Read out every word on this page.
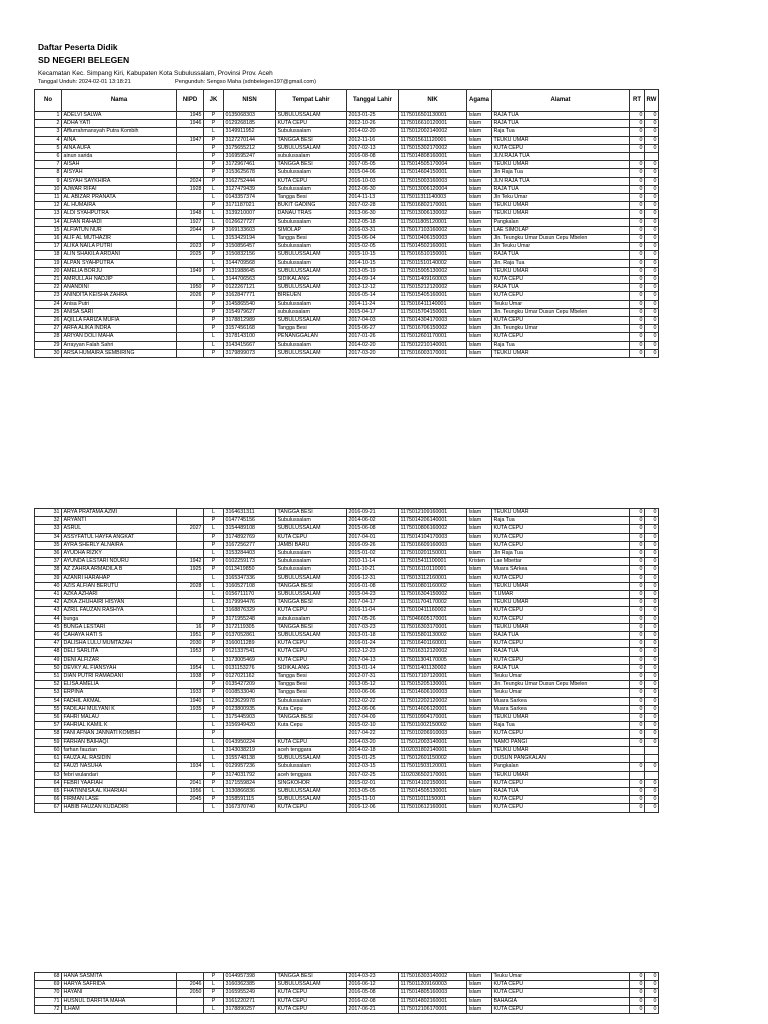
Daftar Peserta Didik
SD NEGERI BELEGEN
Kecamatan Kec. Simpang Kiri, Kabupaten Kota Subulussalam, Provinsi Prov. Aceh
Tanggal Unduh: 2024-02-01 13:18:21	Pengunduh: Sengso Maha (sdnbelegen197@gmail.com)
No	Nama	NIPD	JK	NISN	Tempat Lahir	Tanggal Lahir	NIK	Agama	Alamat	RT	RW
1	ADELVI SALWA	1945	P	0135068303	SUBULUSSALAM	2013-01-25	1175016501130001	Islam	RAJA TUA	0	0
2	ADHA YATI	1946	P	0129268185	KUTA CEPU	2012-10-26	1175016610120001	Islam	RAJA TUA	0	0
3	Affiurrahmansyah Putra Kombih		L	3149911952	Subulussalam	2014-02-20	1175012002140002	Islam	Raja Tua	0	0
4	AINA	1947	P	3127270144	TANGGA BESI	2012-11-16	1175015611120001	Islam	TEUKU UMAR	0	0
5	AINA AUFA		P	3175655212	SUBULUSSALAM	2017-02-13	1175015302170002	Islam	KUTA CEPU	0	0
6	ainun sarida		P	3169595247	subulussalam	2016-08-08	1175014808160001	Islam	JLN.RAJA TUA		
7	AISAH		P	3172967461	TANGGA BESI	2017-05-05	1175014505170004	Islam	TEUKU UMAR	0	0
8	AISYAH		P	3153625678	Subulussalam	2015-04-06	1175014604150001	Islam	Jln Raja Tua	0	0
9	AISYAH SAYKHIRA	2024	P	3162752444	KUTA CEPU	2016-10-03	1175015003160003	Islam	JLN RAJA TUA	0	0
10	AJWAR RIFAI	1928	L	3127479439	Subulussalam	2012-06-30	1175013006120004	Islam	RAJA TUA	0	0
11	AL ABIZAR PRANATA		L	0143357374	Tangga Besi	2014-11-13	1175011311140003	Islam	Jln Teku Umar	0	0
12	AL HUMAIRA		P	3171187021	BUKIT GADING	2017-02-28	1175016802170001	Islam	TEUKU UMAR	0	0
13	ALDI SYAHPUTRA	1948	L	3139210007	DANAU TRAS	2013-06-30	1175013006130002	Islam	TEUKU UMAR	0	0
14	ALFAN RAHADI	1927	L	0126627727	Subulussalam	2012-05-18	1175011805120001	Islam	Pangkalan	0	0
15	ALFIATUN NUR	2044	P	3169133603	SIMOLAP	2016-03-31	1175017103160002	Islam	LAE SIMOLAP	0	0
16	ALIF AL MUTHAZIR		L	3153429194	Tangga Besi	2015-06-04	1175010406150003	Islam	Jln. Teungku Umar Dusun Cepu Mbelen	0	0
17	ALIKA NAILA PUTRI	2023	P	3150856457	Subulussalam	2015-02-05	1175014502160001	Islam	Jln Teuku Umar	0	0
18	ALIN SHAKILA ARDANI	2025	P	3150832156	SUBULUSSALAM	2015-10-15	1175016510150001	Islam	RAJA TUA	0	0
19	ALPAN SYAHPUTRA		L	3144709568	Subulussalam	2014-10-15	1175011510140002	Islam	Jln. Raja Tua	0	0
20	AMELIA BORJU	1949	P	3131988645	SUBULUSSALAM	2013-05-19	1175015905130002	Islam	TEUKU UMAR	0	0
21	AMRULLAH NADJIP		L	3144706563	SIDIKALANG	2014-09-14	1175011409160003	Islam	KUTA CEPU	0	0
22	ANANDINI	1950	P	0122267121	SUBULUSSALAM	2012-12-12	1175015212120002	Islam	RAJA TUA	0	0
23	ANINDITA KEISHA ZAHRA	2026	P	3162847771	BIREUEN	2016-05-14	1175015405160001	Islam	KUTA CEPU	0	0
24	Anisa Putri		P	3145865540	Subulussalam	2014-11-24	1175016411140001	Islam	Teuku Umar	0	0
25	ANISA SARI		P	3154979627	subulussalam	2015-04-17	1175015704150001	Islam	Jln. Teungku Umar Dusun Cepu Mbelen	0	0
26	AQILLA FARIZA MUFIA		P	3178812989	SUBULUSSALAM	2017-04-03	1175014304170003	Islam	KUTA CEPU	0	0
27	ARFA ALIKA INDRA		P	3157456168	Tangga Besi	2015-06-27	1175016706150002	Islam	Jln. Teungku Umar	0	0
28	ARIYAN DOLI MAHA		L	3178143100	PENANGGALAN	2017-01-26	1175012601170001	Islam	KUTA CEPU	0	0
29	Arrayyan Falah Sahri		L	3143415667	Subulussalam	2014-02-20	1175012210140001	Islam	Raja Tua	0	0
30	ARSA HUMAIRA SEMBIRING		P	3179899073	SUBULUSSALAM	2017-03-20	1175016003170001	Islam	TEUKU UMAR	0	0
31	ARYA PRATAMA AZMI		L	3164631311	TANGGA BESI	2016-09-21	1175012109160001	Islam	TEUKU UMAR	0	0
32	ARYANTI		P	0147745156	Subulussalam	2014-06-02	1175014206140001	Islam	Raja Tua	0	0
33	ASRUL	2027	L	3154489108	SUBULUSSALAM	2015-06-08	1175010806160002	Islam	KUTA CEPU	0	0
34	ASSYFATUL HAYFA ANGKAT		P	3174892769	KUTA CEPU	2017-04-01	1175014104170003	Islam	KUTA CEPU	0	0
35	AYRA SHERLY ALNAIRA		P	3167256277	JAMBI BARU	2016-09-26	1175016609160003	Islam	KUTA CEPU	0	0
36	AYUDHA RIZKY		L	3153284403	Subulussalam	2015-01-02	1175010201150001	Islam	Jln Raja Tua	0	0
37	AYUNDA LESTARI NDURU	1942	P	0102259173	Subulussalam	2010-11-14	1175015411100001	Kristen	Lae Mbettar	0	0
38	AZ ZAHRA ARMADILA B	1925	P	0113419850	Subulussalam	2011-10-21	1175016110110001	Islam	Muara SArkea	0	0
39	AZANRI HARAHAP		L	3165347336	SUBULUSSALAM	2016-12-31	1175013112160001	Islam	KUTA CEPU	0	0
40	AZIS ALFIAN BERUTU	2028	L	3160527108	TANGGA BESI	2016-01-08	1175010801160002	Islam	TEUKU UMAR	0	0
41	AZKA AZHARI		L	0156711170	SUBULUSSALAM	2015-04-23	1175016304150002	Islam	T.UMAR	0	0
42	AZKA ZHUHAIRI HISYAN		L	3179994476	TANGGA BESI	2017-04-17	1175011704170002	Islam	TEUKU UMAR	0	0
43	AZRIL FAUZAN RASHYA		L	3168876329	KUTA CEPU	2016-11-04	1175010411160002	Islam	KUTA CEPU	0	0
44	bunga		P	3171955248	subulussalam	2017-05-26	1175046605170001	Islam	KUTA CEPU	0	0
45	BUNGA LESTARI	16	P	3172119305	TANGGA BESI	2017-03-23	1175016303170001	Islam	TEUKU UMAR	0	0
46	CAHAYA HATI S	1951	P	0137052861	SUBULUSSALAM	2013-01-18	1175015801130002	Islam	RAJA TUA	0	0
47	DALISHA LULU MUMTAZAH	2030	P	3160011289	KUTA CEPU	2016-01-24	1175016401160001	Islam	KUTA CEPU	0	0
48	DELI SARLITA	1953	P	0121337541	KUTA CEPU	2012-12-23	1175016312120002	Islam	RAJA TUA	0	0
49	DENI ALFIZAR		L	3173005469	KUTA CEPU	2017-04-13	1175011304170005	Islam	KUTA CEPU	0	0
50	DEVKY AL FIANSYAH	1954	L	0131153276	SIDIKALANG	2013-01-14	1175011401130002	Islam	RAJA TUA	0	0
51	DIAN PUTRI RAMADANI	1938	P	0127021162	Tangga Besi	2012-07-31	1175017107120001	Islam	Teuku Umar	0	0
52	ELISA AMELIA		P	0135427209	Tangga Besi	2013-05-12	1175015205130001	Islam	Jln. Teungku Umar Dusun Cepu Mbelen	0	0
53	ERPINA	1933	P	0108533040	Tangga Besi	2010-06-06	1175014606100003	Islam	Teuku Umar	0	0
54	FADHIL AKMAL	1940	L	0123629978	Subulussalam	2012-02-22	1175012202120002	Islam	Muara Sarkea	0	0
55	FADILAH MULYANI K	1935	P	0123800935	Kuta Cepu	2012-06-06	1175014606120001	Islam	Muara Sarkea	0	0
56	FAHRI MALAU		L	3175445903	TANGGA BESI	2017-04-09	1175010904170001	Islam	TEUKU UMAR	0	0
57	FAHRIAL KAMIL K		L	3156949420	Kuta Cepu	2015-02-10	1175011002150002	Islam	Raja Tua	0	0
58	FANI AFNAN JANNATI KOMBIH		P			2017-04-22	1175010206910003	Islam	KUTA CEPU	0	0
59	FARHAN BAIHAQI		L	0143950224	KUTA CEPU	2014-03-20	1175012003140001	Islam	NAMO PANGI	0	0
60	farhan fauzian		L	3143038219	aceh tenggara	2014-02-18	1102031802140001	Islam	TEUKU UMAR		
61	FAUZA AL RASIDIN		L	3155748138	SUBULUSSALAM	2015-01-25	1175012601150002	Islam	DUSUN PANGKALAN		
62	FAUZI NASUHA	1934	L	0129957236	Subulussalam	2012-03-15	1175011503120001	Islam	Pangkalan	0	0
63	febri wulandari		P	3174031792	aceh tenggara	2017-02-25	1102036502170001	Islam	TEUKU UMAR		
64	FEBRI YAAFIAH	2041	P	3171559824	SINGKOHOR	2015-02-01	1175014102150001	Islam	KUTA CEPU	0	0
65	FHATINNISA AL KHARIAH	1956	L	3130866836	SUBULUSSALAM	2013-05-05	1175014505130001	Islam	RAJA TUA	0	0
66	FIRMAN LASE	2045	P	3158591115	SUBULUSSALAM	2015-11-10	1175011011150001	Islam	KUTA CEPU	0	0
67	HABIB FAUZAN KUDADIRI		L	3167370740	KUTA CEPU	2016-12-06	1175010612160001	Islam	KUTA CEPU	0	0
68	HANA SASMITA		P	0144957398	TANGGA BESI	2014-03-23	1175016303140002	Islam	Teuku Umar	0	0
69	HARYA SAFRIDA	2046	L	3160362385	SUBULUSSALAM	2016-06-12	1175011209160003	Islam	KUTA CEPU	0	0
70	HAYANI	2050	P	3165955249	KUTA CEPU	2016-05-08	1175014805160003	Islam	KUTA CEPU	0	0
71	HUSNUL DARFITA MAHA		P	3161220271	KUTA CEPU	2016-02-08	1175014802160001	Islam	BAHAGIA	0	0
72	ILHAM		L	3178890257	KUTA CEPU	2017-06-21	1175012106170001	Islam	KUTA CEPU	0	0
